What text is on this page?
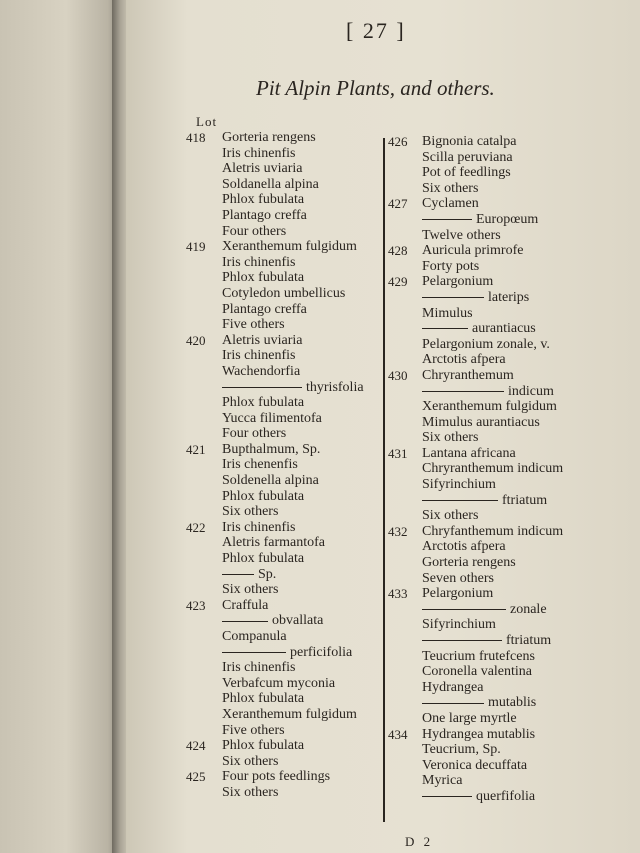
[ 27 ]
Pit Alpin Plants, and others.
Lot
418 Gorteria rengens
Iris chinenfis
Aletris uviaria
Soldanella alpina
Phlox fubulata
Plantago creffa
Four others
419 Xeranthemum fulgidum
Iris chinenfis
Phlox fubulata
Cotyledon umbellicus
Plantago creffa
Five others
420 Aletris uviaria
Iris chinenfis
Wachendorfia
thyrisfolia
Phlox fubulata
Yucca filimentofa
Four others
421 Bupthalmum, Sp.
Iris chenenfis
Soldenella alpina
Phlox fubulata
Six others
422 Iris chinenfis
Aletris farmantofa
Phlox fubulata
Sp.
Six others
423 Craffula
obvallata
Companula
perficifolia
Iris chinenfis
Verbafcum myconia
Phlox fubulata
Xeranthemum fulgidum
Five others
424 Phlox fubulata
Six others
425 Four pots feedlings
Six others
426 Bignonia catalpa
Scilla peruviana
Pot of feedlings
Six others
427 Cyclamen
Europœum
Twelve others
428 Auricula primrofe
Forty pots
429 Pelargonium
laterips
Mimulus
aurantiacus
Pelargonium zonale, v.
Arctotis afpera
430 Chryranthemum
indicum
Xeranthemum fulgidum
Mimulus aurantiacus
Six others
431 Lantana africana
Chryranthemum indicum
Sifyrinchium
ftriatum
Six others
432 Chryfanthemum indicum
Arctotis afpera
Gorteria rengens
Seven others
433 Pelargonium
zonale
Sifyrinchium
ftriatum
Teucrium frutefcens
Coronella valentina
Hydrangea
mutablis
One large myrtle
434 Hydrangea mutablis
Teucrium, Sp.
Veronica decuffata
Myrica
querfifolia
D 2
